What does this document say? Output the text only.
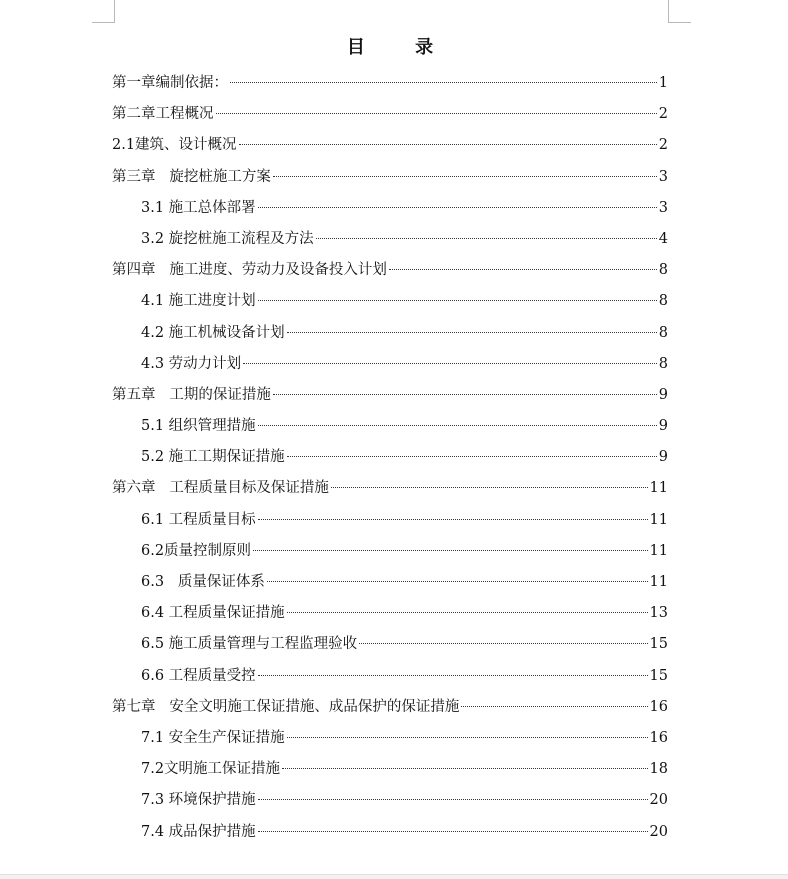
目 录
第一章编制依据：	1
第二章工程概况	2
2.1建筑、设计概况	2
第三章   旋挖桩施工方案	3
3.1 施工总体部署	3
3.2 旋挖桩施工流程及方法	4
第四章   施工进度、劳动力及设备投入计划	8
4.1 施工进度计划	8
4.2 施工机械设备计划	8
4.3 劳动力计划	8
第五章   工期的保证措施	9
5.1 组织管理措施	9
5.2 施工工期保证措施	9
第六章   工程质量目标及保证措施	11
6.1 工程质量目标	11
6.2质量控制原则	11
6.3   质量保证体系	11
6.4 工程质量保证措施	13
6.5 施工质量管理与工程监理验收	15
6.6 工程质量受控	15
第七章   安全文明施工保证措施、成品保护的保证措施	16
7.1 安全生产保证措施	16
7.2文明施工保证措施	18
7.3 环境保护措施	20
7.4 成品保护措施	20
